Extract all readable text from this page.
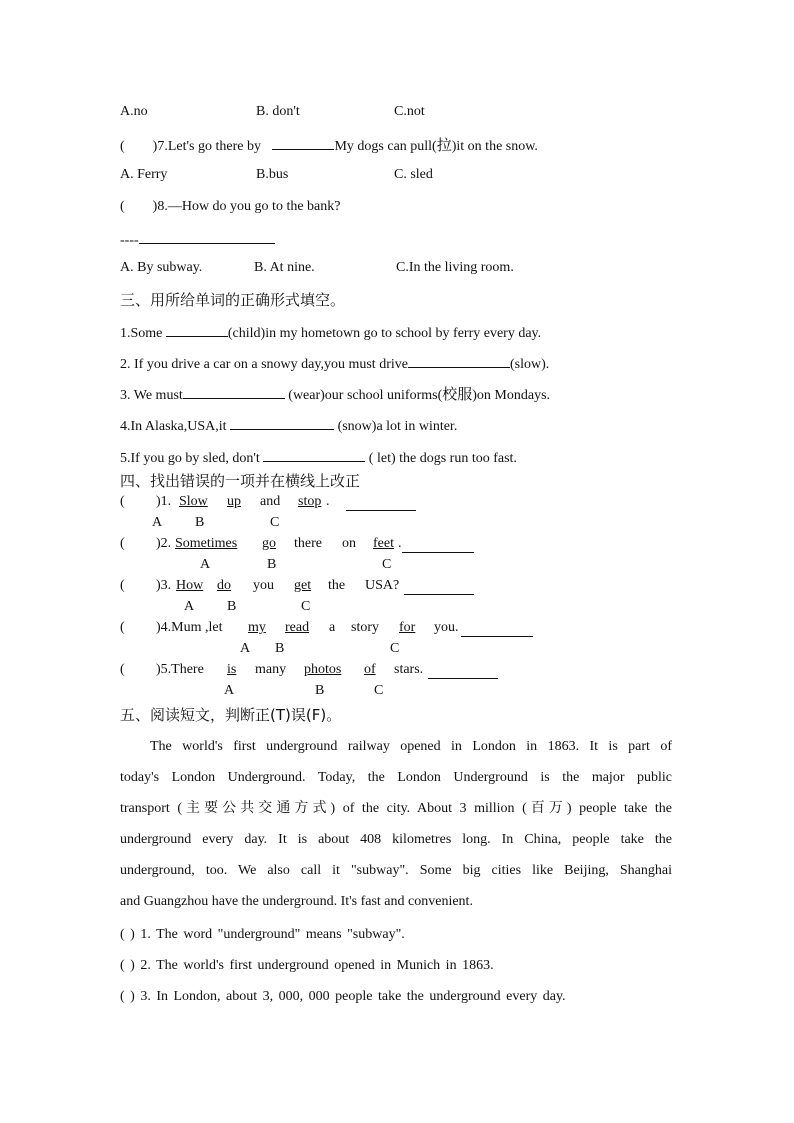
A.no	B. don't	C.not
( )7.Let's go there by	My dogs can pull(拉)it on the snow.
A. Ferry	B.bus	C. sled
( )8.—How do you go to the bank?
----
A. By subway.	B. At nine.	C.In the living room.
三、用所给单词的正确形式填空。
1.Some	(child)in my hometown go to school by ferry every day.
2. If you drive a car on a snowy day,you must drive	(slow).
3. We must	(wear)our school uniforms(校服)on Mondays.
4.In Alaska,USA,it	(snow)a lot in winter.
5.If you go by sled, don't	( let) the dogs run too fast.
四、找出错误的一项并在横线上改正
( )1. Slow up and stop .
A B	C
( )2. Sometimes go there on feet .
A	B	C
( )3. How do you get the USA?
A B	C
( )4.Mum ,let my read a story for you.
A B	C
( )5.There	is many	photos of stars.
A	B	C
五、阅读短文，判断正(T)误(F)。
The world's first underground railway opened in London in 1863. It is part of
today's London Underground. Today, the London Underground is the major public
transport (主要公共交通方式) of the city. About 3 million (百万) people take the
underground every day. It is about 408 kilometres long. In China, people take the
underground, too. We also call it "subway". Some big cities like Beijing, Shanghai
and Guangzhou have the underground. It's fast and convenient.
( ) 1. The word "underground" means "subway".
( ) 2. The world's first underground opened in Munich in 1863.
( ) 3. In London, about 3, 000, 000 people take the underground every day.
